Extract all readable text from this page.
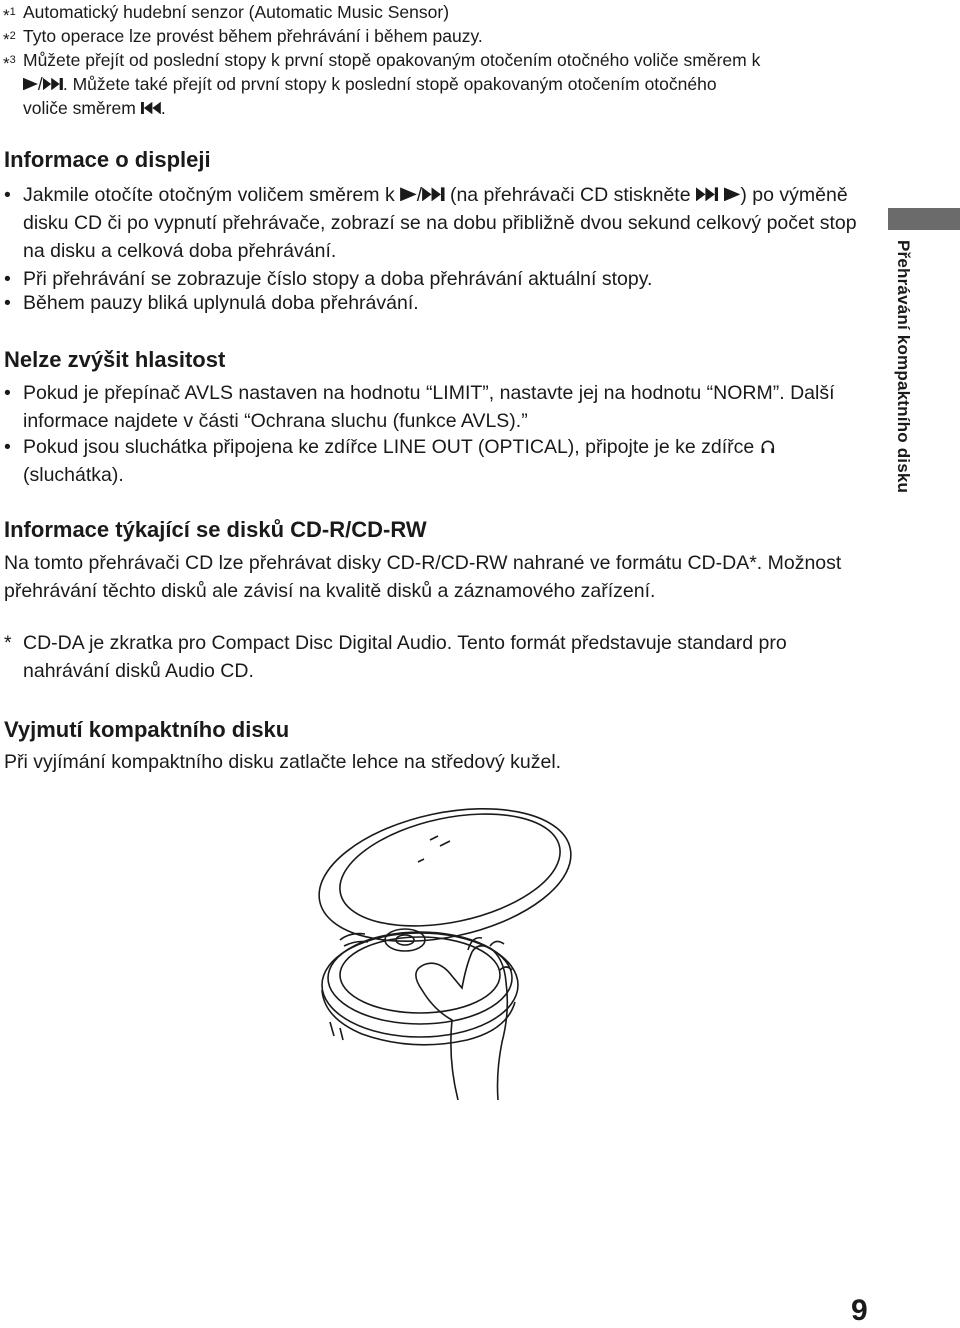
*$^1$ Automatický hudební senzor (Automatic Music Sensor)
*$^2$ Tyto operace lze provést během přehrávání i během pauzy.
*$^3$ Můžete přejít od poslední stopy k první stopě opakovaným otočením otočného voliče směrem k
/ . Můžete také přejít od první stopy k poslední stopě opakovaným otočením otočného
voliče směrem .
Informace o displeji
• Jakmile otočíte otočným voličem směrem k / (na přehrávači CD stiskněte	) po výměně disku CD či po vypnutí přehrávače, zobrazí se na dobu přibližně dvou sekund celkový počet stop na disku a celková doba přehrávání.
• Při přehrávání se zobrazuje číslo stopy a doba přehrávání aktuální stopy.
• Během pauzy bliká uplynulá doba přehrávání.
Nelze zvýšit hlasitost
• Pokud je přepínač AVLS nastaven na hodnotu “LIMIT”, nastavte jej na hodnotu “NORM”. Další informace najdete v části “Ochrana sluchu (funkce AVLS).”
• Pokud jsou sluchátka připojena ke zdířce LINE OUT (OPTICAL), připojte je ke zdířce  (sluchátka).
Informace týkající se disků CD-R/CD-RW
Na tomto přehrávači CD lze přehrávat disky CD-R/CD-RW nahrané ve formátu CD-DA*. Možnost přehrávání těchto disků ale závisí na kvalitě disků a záznamového zařízení.
* CD-DA je zkratka pro Compact Disc Digital Audio. Tento formát představuje standard pro nahrávání disků Audio CD.
Vyjmutí kompaktního disku
Při vyjímání kompaktního disku zatlačte lehce na středový kužel.
Přehrávání kompaktního disku
9
